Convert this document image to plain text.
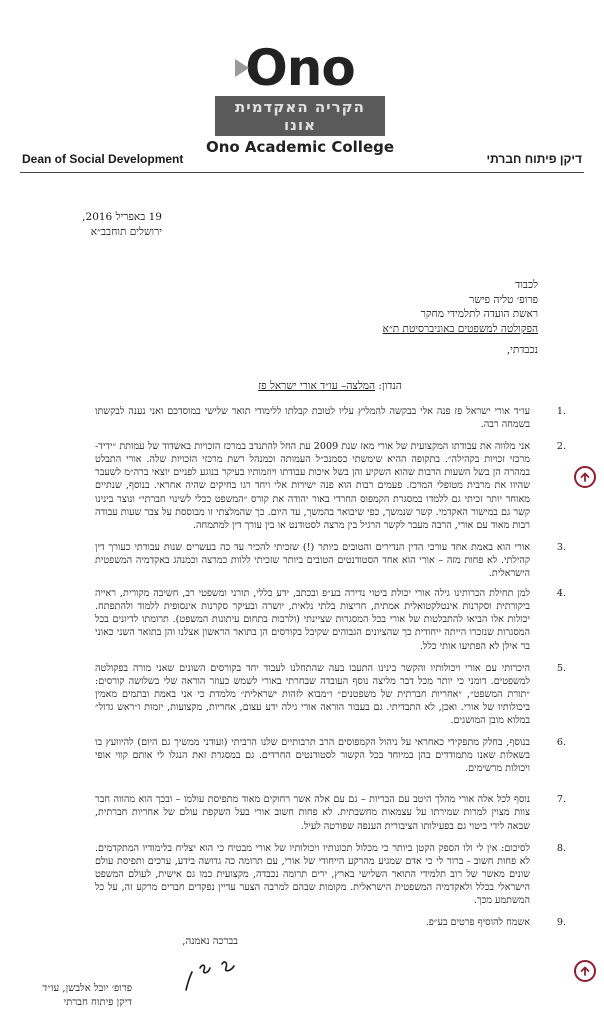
Ono
הקריה האקדמית אונו
Ono Academic College
Dean of Social Development	דיקן פיתוח חברתי
19 באפריל 2016,
ירושלים תוחבב״א
לכבוד
פרופ׳ טליה פישר
ראשת הועדה לתלמידי מחקר
הפקולטה למשפטים באוניברסיטת ת״א
נכבדתי,
הנדון: המלצה– עו״ד אורי ישראל פז
.1
עו״ד אורי ישראל פז פנה אלי בבקשה להמליץ עליו לטובת קבלתו ללימודי תואר שלישי במוסדכם ואני נענה לבקשתו בשמחה רבה.
.2
אני מלווה את עבודתו המקצועית של אורי מאז שנת 2009 עת החל להתנדב במרכז הזכויות באשדוד של עמותת ״ידיד- מרכזי זכויות בקהילה״. בתקופה ההיא שימשתי כסמנכ״ל העמותה וכמנהל רשת מרכזי הזכויות שלה. אורי התבלט במהרה הן בשל השעות הרבות שהוא השקיע והן בשל איכות עבודתו ויוזמותיו בעיקר בנוגע לפניים יוצאי ברה״מ לשעבר שהיוו את מרבית מטופלי המרכז. פעמים רבות הוא פנה ישירות אלי ויחד רגו בחיקים שהיה אחראי. בנוסף, שנתיים מאוחר יותר זכיתי גם ללמדו במסגרת הקמפוס החרדי באור יהודה את קורס ״המשפט ככלי לשינוי חברתי״ ונוצר בינינו קשר גם במישור האקדמי. קשר שנמשך, כפי שיבואר בהמשך, עד היום. כך שהמלצתי זו מבוססת על צבר שעות עבודה רבות מאוד עם אורי, הרבה מעבר לקשר הרגיל בין מרצה לסטודנט או בין עורך דין למתמחה.
.3
אורי הוא באמת אחד עורכי הדין הנדירים והטובים ביותר (!) שזכיתי להכיר עד כה בעשרים שנות עבודתי כעורך דין קהילתי. לא פחות מזה – אורי הוא אחד הסטודנטים הטובים ביותר שזכיתי ללוות כמרצה וכמנהג באקדמיה המשפטית הישראלית.
.4
למן תחילת הכרותינו גילה אורי יכולת ביטוי נדירה בע״פ ובכתב, ידע כללי, תורני ומשפטי רב, חשיבה מקורית, ראייה ביקורתית וסקרנות אינטלקטואלית אמתית, חריצות בלתי נלאית, יושרה ובעיקר סקרנות אינסופית ללמוד ולהתפתח. יכולות אלו הביאו להתבלטות של אורי בכל המסגרות שציינתי (ולרבות בתחום עיתונות המשפט). תרומתו לדיונים בכל המסגרות שנזכרו הייתה ייחודית כך שהציונים הגבוהים שקיבל בקורסים הן בתואר הראשון אצלנו והן בתואר השני כאוני בר אילן לא הפתיעו אותי כלל.
.5
היכרותי עם אורי ויכולותיו והקשר בינינו התעבו בעה שהתחלנו לעבוד יחד בקורסים השונים שאני מורה בפקולטה למשפטים. דומני כי יותר מכל דבר מליצה נוסף העובדה שבחרתי באורי לשמש כעוזר הוראה שלי בשלושה קורסים: ״תורת המשפט״, ״אחריות חברתית של משפטנים״ ו״מבוא לזהות ישראלית״ מלמדת כי אני באמת ובתמים מאמין ביכולותיו של אורי. ואכן, לא התבדיתי. גם בעבור הוראה אורי גילה ידע עצום, אחריות, מקצועות, יזמות ו״ראש גדול״ במלוא מובן המושגים.
.6
בנוסף, בחלק מתפקידי כאחראי על ניהול הקמפוסים הרב תרבותיים שלנו הרביתי (ועודני ממשיך גם היום) להיוועץ בו בשאלות שאנו מתמודדים בהן במיוחד בכל הקשור לסטודנטים החרדים. גם במסגרת זאת הנגלו לי אותם קווי אופי ויכולות מרשימים.
.7
נוסף לכל אלה אורי מהלך היטב עם הבריות – גם עם אלה אשר רחוקים מאוד מתפיסת עולמו – ובכך הוא מהווה חבר צוות מצוין למרות שמירתו על עצמאות מחשבתית. לא פחות חשוב אורי בעל השקפת עולם של אחריות חברתית, שבאה לידי ביטוי גם בפעילותו הציבורית הענפה שפורטה לעיל.
.8
לסיכום: אין לי ולו הספק הקטן ביותר כי מכלול תכונותיו ויכולותיו של אורי מבטיח כי הוא יצליח בלימודיו המתקדמים. לא פחות חשוב - ברור לי כי אדם שמגיע מהרקע הייחודי של אורי, עם תרומה כה גדושה בידע, ערכים ותפיסת עולם שונים מאשר של רוב תלמידי התואר השלישי בארץ, ירים תרומה נכבדה, מקצועית כמו גם אישית, לעולם המשפט הישראלי בכלל ולאקדמיה המשפטית הישראלית. מקומות שבהם למרבה הצער עדיין נפקדים חברים מרקע זה, על כל המשתמע מכך.
.9
אשמח להוסיף פרטים בע״פ.
בברכה נאמנה,
פרופ׳ יובל אלבשן, עו״ד
דיקן פיתוח חברתי
